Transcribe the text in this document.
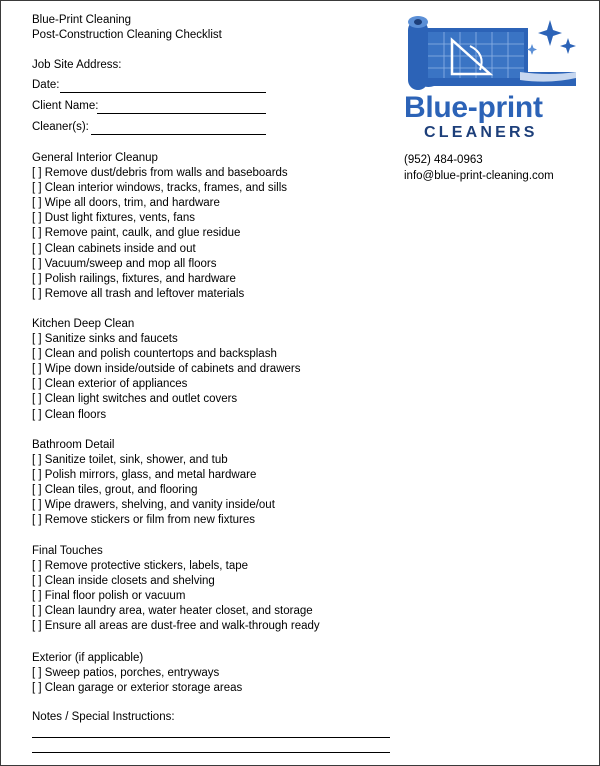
Blue-Print Cleaning
Post-Construction Cleaning Checklist
Job Site Address:
Date:
Client Name:
Cleaner(s):
Blue-print
CLEANERS
(952) 484-0963
info@blue-print-cleaning.com
General Interior Cleanup
[ ] Remove dust/debris from walls and baseboards
[ ] Clean interior windows, tracks, frames, and sills
[ ] Wipe all doors, trim, and hardware
[ ] Dust light fixtures, vents, fans
[ ] Remove paint, caulk, and glue residue
[ ] Clean cabinets inside and out
[ ] Vacuum/sweep and mop all floors
[ ] Polish railings, fixtures, and hardware
[ ] Remove all trash and leftover materials
Kitchen Deep Clean
[ ] Sanitize sinks and faucets
[ ] Clean and polish countertops and backsplash
[ ] Wipe down inside/outside of cabinets and drawers
[ ] Clean exterior of appliances
[ ] Clean light switches and outlet covers
[ ] Clean floors
Bathroom Detail
[ ] Sanitize toilet, sink, shower, and tub
[ ] Polish mirrors, glass, and metal hardware
[ ] Clean tiles, grout, and flooring
[ ] Wipe drawers, shelving, and vanity inside/out
[ ] Remove stickers or film from new fixtures
Final Touches
[ ] Remove protective stickers, labels, tape
[ ] Clean inside closets and shelving
[ ] Final floor polish or vacuum
[ ] Clean laundry area, water heater closet, and storage
[ ] Ensure all areas are dust-free and walk-through ready
Exterior (if applicable)
[ ] Sweep patios, porches, entryways
[ ] Clean garage or exterior storage areas
Notes / Special Instructions:
